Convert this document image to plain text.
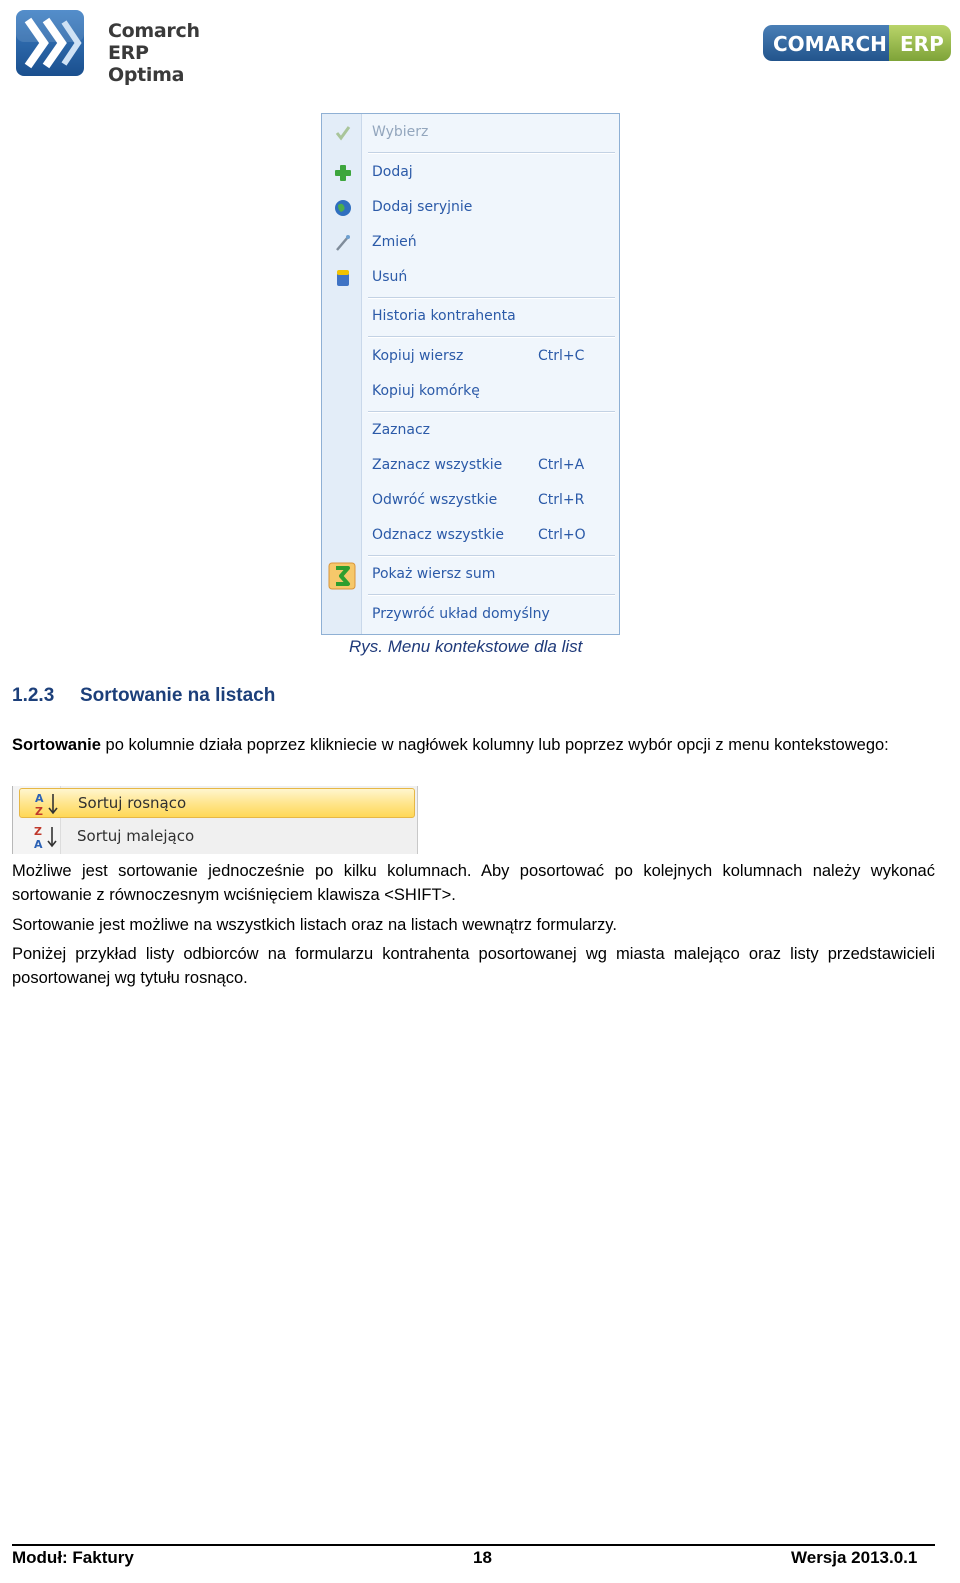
Comarch ERP
Optima
COMARCH ERP
Wybierz
Dodaj
Dodaj seryjnie
Zmień
Usuń
Historia kontrahenta
Kopiuj wiersz	Ctrl+C
Kopiuj komórkę
Zaznacz
Zaznacz wszystkie	Ctrl+A
Odwróć wszystkie	Ctrl+R
Odznacz wszystkie Ctrl+O
Pokaż wiersz sum
Przywróć układ domyślny
Rys. Menu kontekstowe dla list
1.2.3 Sortowanie na listach
Sortowanie po kolumnie działa poprzez klikniecie w nagłówek kolumny lub poprzez wybór opcji z menu kontekstowego:
A
Z Sortuj rosnąco
Z
A Sortuj malejąco
Możliwe jest sortowanie jednocześnie po kilku kolumnach. Aby posortować po kolejnych kolumnach należy wykonać sortowanie z równoczesnym wciśnięciem klawisza <SHIFT>.
Sortowanie jest możliwe na wszystkich listach oraz na listach wewnątrz formularzy.
Poniżej przykład listy odbiorców na formularzu kontrahenta posortowanej wg miasta malejąco oraz listy przedstawicieli posortowanej wg tytułu rosnąco.
Moduł: Faktury	18	Wersja 2013.0.1
